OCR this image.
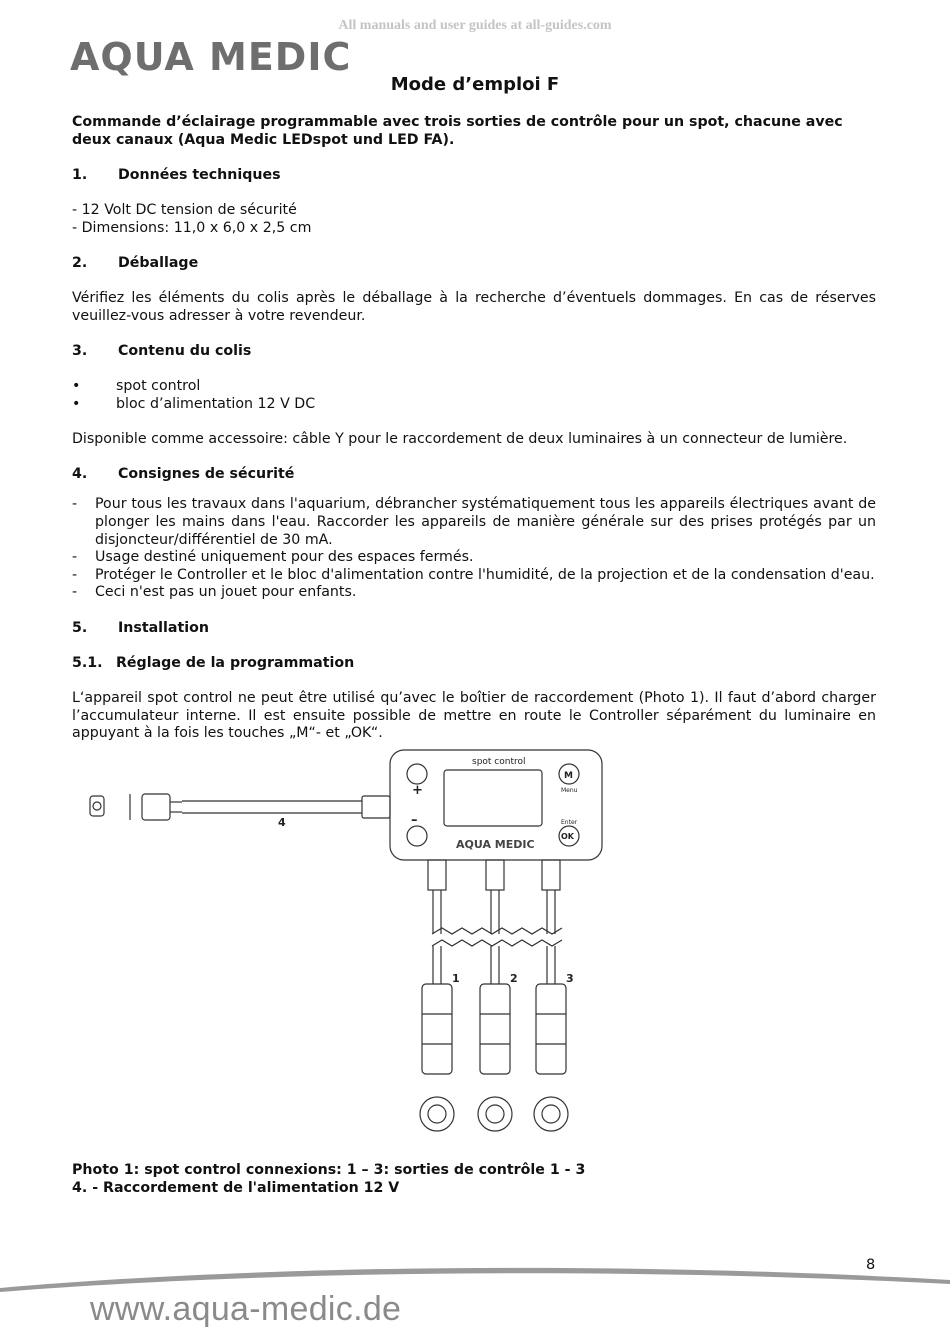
All manuals and user guides at all-guides.com
AQUA MEDIC
Mode d’emploi F

Commande d’éclairage programmable avec trois sorties de contrôle pour un spot, chacune avec deux canaux (Aqua Medic LEDspot und LED FA).

1. Données techniques

- 12 Volt DC tension de sécurité

- Dimensions: 11,0 x 6,0 x 2,5 cm

2. Déballage

Vérifiez les éléments du colis après le déballage à la recherche d’éventuels dommages. En cas de réserves veuillez-vous adresser à votre revendeur.

3. Contenu du colis

•	spot control
•	bloc d’alimentation 12 V DC

Disponible comme accessoire: câble Y pour le raccordement de deux luminaires à un connecteur de lumière.

4. Consignes de sécurité

- Pour tous les travaux dans l'aquarium, débrancher systématiquement tous les appareils électriques avant de plonger les mains dans l'eau. Raccorder les appareils de manière générale sur des prises protégés par un disjoncteur/différentiel de 30 mA.
- Usage destiné uniquement pour des espaces fermés.
- Protéger le Controller et le bloc d'alimentation contre l'humidité, de la projection et de la condensation d'eau.
- Ceci n'est pas un jouet pour enfants.

5. Installation

5.1. Réglage de la programmation

L‘appareil spot control ne peut être utilisé qu’avec le boîtier de raccordement (Photo 1). Il faut d’abord charger l’accumulateur interne. Il est ensuite possible de mettre en route le Controller séparément du luminaire en appuyant à la fois les touches „M“- et „OK“.

spot control
M
Menu
+
–	Enter
OK
AQUA MEDIC
4
1	2	3

Photo 1: spot control connexions: 1 – 3: sorties de contrôle 1 - 3

4. - Raccordement de l'alimentation 12 V

8
www.aqua-medic.de
